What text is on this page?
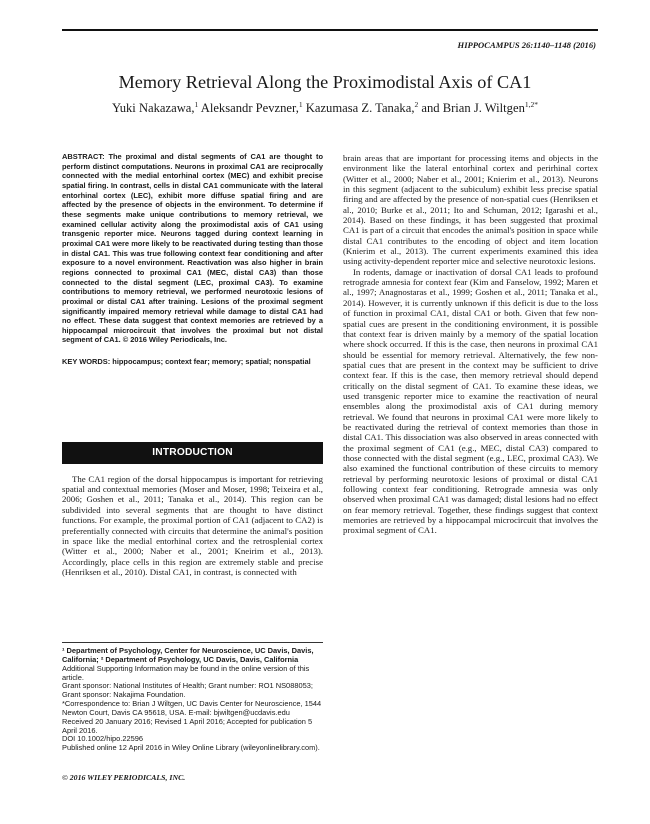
HIPPOCAMPUS 26:1140–1148 (2016)
Memory Retrieval Along the Proximodistal Axis of CA1

Yuki Nakazawa,$^1$ Aleksandr Pevzner,$^1$ Kazumasa Z. Tanaka,$^2$ and Brian J. Wiltgen$^{1,2*}$

ABSTRACT: The proximal and distal segments of CA1 are thought to perform distinct computations. Neurons in proximal CA1 are reciprocally connected with the medial entorhinal cortex (MEC) and exhibit precise spatial firing. In contrast, cells in distal CA1 communicate with the lateral entorhinal cortex (LEC), exhibit more diffuse spatial firing and are affected by the presence of objects in the environment. To determine if these segments make unique contributions to memory retrieval, we examined cellular activity along the proximodistal axis of CA1 using transgenic reporter mice. Neurons tagged during context learning in proximal CA1 were more likely to be reactivated during testing than those in distal CA1. This was true following context fear conditioning and after exposure to a novel environment. Reactivation was also higher in brain regions connected to proximal CA1 (MEC, distal CA3) than those connected to the distal segment (LEC, proximal CA3). To examine contributions to memory retrieval, we performed neurotoxic lesions of proximal or distal CA1 after training. Lesions of the proximal segment significantly impaired memory retrieval while damage to distal CA1 had no effect. These data suggest that context memories are retrieved by a hippocampal microcircuit that involves the proximal but not distal segment of CA1. © 2016 Wiley Periodicals, Inc.

KEY WORDS: hippocampus; context fear; memory; spatial; nonspatial

INTRODUCTION

The CA1 region of the dorsal hippocampus is important for retrieving spatial and contextual memories (Moser and Moser, 1998; Teixeira et al., 2006; Goshen et al., 2011; Tanaka et al., 2014). This region can be subdivided into several segments that are thought to have distinct functions. For example, the proximal portion of CA1 (adjacent to CA2) is preferentially connected with circuits that determine the animal's position in space like the medial entorhinal cortex and the retrosplenial cortex (Witter et al., 2000; Naber et al., 2001; Kneirim et al., 2013). Accordingly, place cells in this region are extremely stable and precise (Henriksen et al., 2010). Distal CA1, in contrast, is connected with

¹ Department of Psychology, Center for Neuroscience, UC Davis, Davis, California; ² Department of Psychology, UC Davis, Davis, California

Additional Supporting Information may be found in the online version of this article.

Grant sponsor: National Institutes of Health; Grant number: RO1 NS088053; Grant sponsor: Nakajima Foundation.

*Correspondence to: Brian J Wiltgen, UC Davis Center for Neuroscience, 1544 Newton Court, Davis CA 95618, USA. E-mail: bjwiltgen@ucdavis.edu

Received 20 January 2016; Revised 1 April 2016; Accepted for publication 5 April 2016.

DOI 10.1002/hipo.22596

Published online 12 April 2016 in Wiley Online Library (wileyonlinelibrary.com).

© 2016 WILEY PERIODICALS, INC.

brain areas that are important for processing items and objects in the environment like the lateral entorhinal cortex and perirhinal cortex (Witter et al., 2000; Naber et al., 2001; Knierim et al., 2013). Neurons in this segment (adjacent to the subiculum) exhibit less precise spatial firing and are affected by the presence of non-spatial cues (Henriksen et al., 2010; Burke et al., 2011; Ito and Schuman, 2012; Igarashi et al., 2014). Based on these findings, it has been suggested that proximal CA1 is part of a circuit that encodes the animal's position in space while distal CA1 contributes to the encoding of object and item location (Knierim et al., 2013). The current experiments examined this idea using activity-dependent reporter mice and selective neurotoxic lesions.

In rodents, damage or inactivation of dorsal CA1 leads to profound retrograde amnesia for context fear (Kim and Fanselow, 1992; Maren et al., 1997; Anagnostaras et al., 1999; Goshen et al., 2011; Tanaka et al., 2014). However, it is currently unknown if this deficit is due to the loss of function in proximal CA1, distal CA1 or both. Given that few non-spatial cues are present in the conditioning environment, it is possible that context fear is driven mainly by a memory of the spatial location where shock occurred. If this is the case, then neurons in proximal CA1 should be essential for memory retrieval. Alternatively, the few non-spatial cues that are present in the context may be sufficient to drive context fear. If this is the case, then memory retrieval should depend critically on the distal segment of CA1. To examine these ideas, we used transgenic reporter mice to examine the reactivation of neural ensembles along the proximodistal axis of CA1 during memory retrieval. We found that neurons in proximal CA1 were more likely to be reactivated during the retrieval of context memories than those in distal CA1. This dissociation was also observed in areas connected with the proximal segment of CA1 (e.g., MEC, distal CA3) compared to those connected with the distal segment (e.g., LEC, proximal CA3). We also examined the functional contribution of these circuits to memory retrieval by performing neurotoxic lesions of proximal or distal CA1 following context fear conditioning. Retrograde amnesia was only observed when proximal CA1 was damaged; distal lesions had no effect on fear memory retrieval. Together, these findings suggest that context memories are retrieved by a hippocampal microcircuit that involves the proximal segment of CA1.
